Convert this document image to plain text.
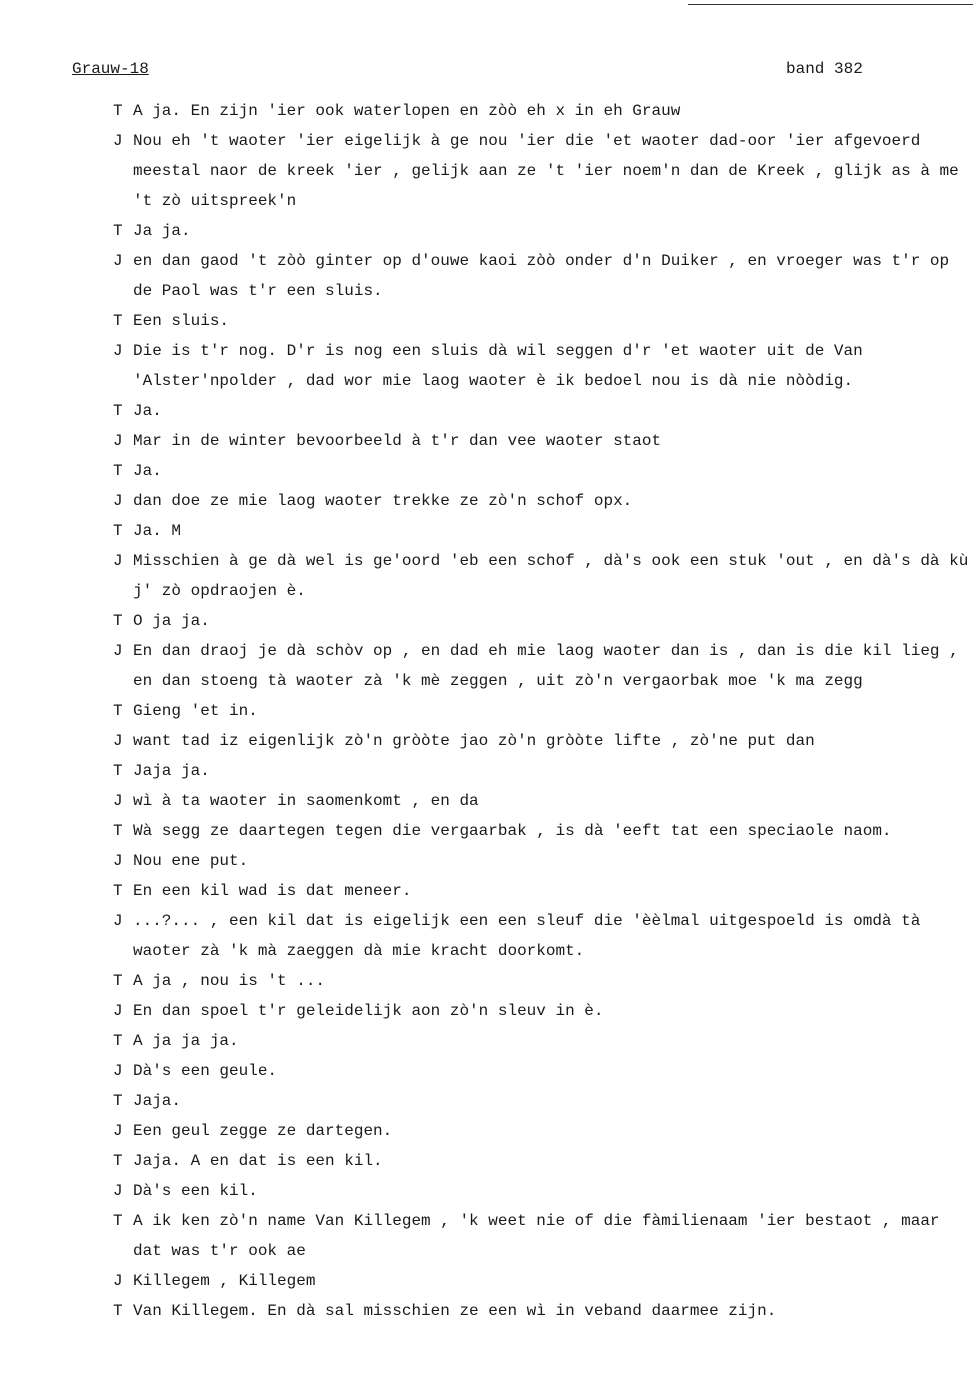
Grauw-18	band 382
T A ja. En zijn 'ier ook waterlopen en zòò eh x in eh Grauw
J Nou eh 't waoter 'ier eigelijk à ge nou 'ier die 'et waoter dad-oor 'ier afgevoerd meestal naor de kreek 'ier , gelijk aan ze 't 'ier noem'n dan de Kreek , glijk as à me 't zò uitspreek'n
T Ja ja.
J en dan gaod 't zòò ginter op d'ouwe kaoi zòò onder d'n Duiker , en vroeger was t'r op de Paol was t'r een sluis.
T Een sluis.
J Die is t'r nog. D'r is nog een sluis dà wil seggen d'r 'et waoter uit de Van 'Alster'npolder , dad wor mie laog waoter è ik bedoel nou is dà nie nòòdig.
T Ja.
J Mar in de winter bevoorbeeld à t'r dan vee waoter staot
T Ja.
J dan doe ze mie laog waoter trekke ze zò'n schof opx.
T Ja. M
J Misschien à ge dà wel is ge'oord 'eb een schof , dà's ook een stuk 'out , en dà's dà kù j' zò opdraojen è.
T O ja ja.
J En dan draoj je dà schòv op , en dad eh mie laog waoter dan is , dan is die kil lieg , en dan stoeng tà waoter zà 'k mè zeggen , uit zò'n vergaorbak moe 'k ma zegg
T Gieng 'et in.
J want tad iz eigenlijk zò'n gròòte jao zò'n gròòte lifte , zò'ne put dan
T Jaja ja.
J wì à ta waoter in saomenkomt , en da
T Wà segg ze daartegen tegen die vergaarbak , is dà 'eeft tat een speciaole naom.
J Nou ene put.
T En een kil wad is dat meneer.
J ...?... , een kil dat is eigelijk een een sleuf die 'èèlmal uitgespoeld is omdà tà waoter zà 'k mà zaeggen dà mie kracht doorkomt.
T A ja , nou is 't ...
J En dan spoel t'r geleidelijk aon zò'n sleuv in è.
T A ja ja ja.
J Dà's een geule.
T Jaja.
J Een geul zegge ze dartegen.
T Jaja. A en dat is een kil.
J Dà's een kil.
T A ik ken zò'n name Van Killegem , 'k weet nie of die fàmilienaam 'ier bestaot , maar dat was t'r ook ae
J Killegem , Killegem
T Van Killegem. En dà sal misschien ze een wì in veband daarmee zijn.
